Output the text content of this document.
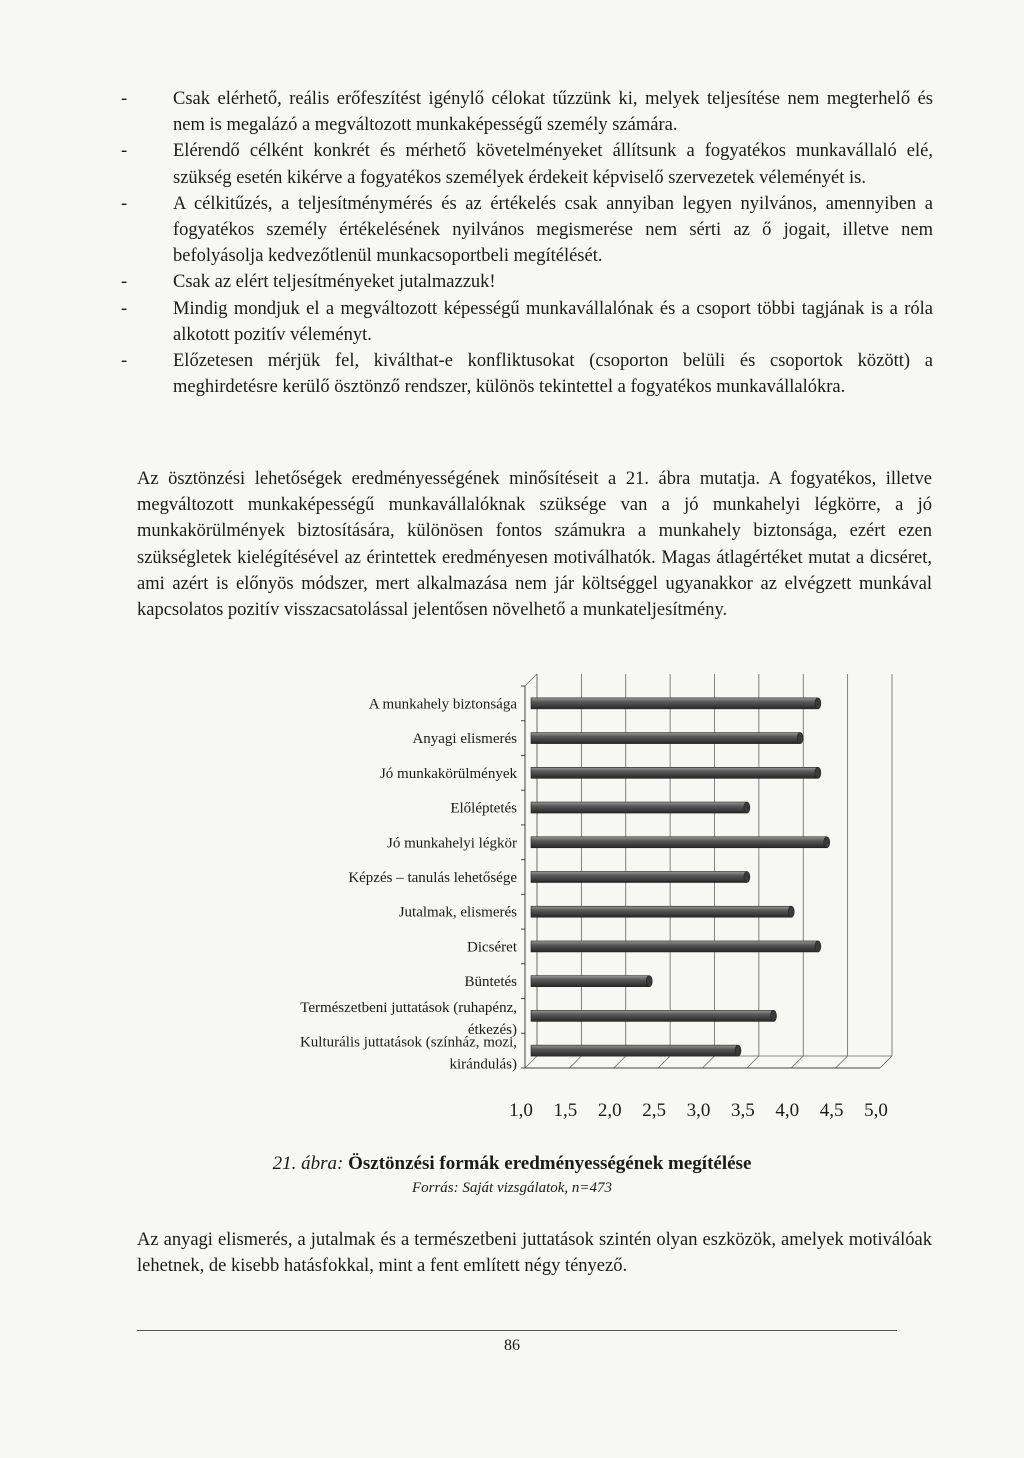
-	Csak elérhető, reális erőfeszítést igénylő célokat tűzzünk ki, melyek teljesítése nem megterhelő és nem is megalázó a megváltozott munkaképességű személy számára.
-	Elérendő célként konkrét és mérhető követelményeket állítsunk a fogyatékos munkavállaló elé, szükség esetén kikérve a fogyatékos személyek érdekeit képviselő szervezetek véleményét is.
-	A célkitűzés, a teljesítménymérés és az értékelés csak annyiban legyen nyilvános, amennyiben a fogyatékos személy értékelésének nyilvános megismerése nem sérti az ő jogait, illetve nem befolyásolja kedvezőtlenül munkacsoportbeli megítélését.
-	Csak az elért teljesítményeket jutalmazzuk!
-	Mindig mondjuk el a megváltozott képességű munkavállalónak és a csoport többi tagjának is a róla alkotott pozitív véleményt.
-	Előzetesen mérjük fel, kiválthat-e konfliktusokat (csoporton belüli és csoportok között) a meghirdetésre kerülő ösztönző rendszer, különös tekintettel a fogyatékos munkavállalókra.
Az ösztönzési lehetőségek eredményességének minősítéseit a 21. ábra mutatja. A fogyatékos, illetve megváltozott munkaképességű munkavállalóknak szüksége van a jó munkahelyi légkörre, a jó munkakörülmények biztosítására, különösen fontos számukra a munkahely biztonsága, ezért ezen szükségletek kielégítésével az érintettek eredményesen motiválhatók. Magas átlagértéket mutat a dicséret, ami azért is előnyös módszer, mert alkalmazása nem jár költséggel ugyanakkor az elvégzett munkával kapcsolatos pozitív visszacsatolással jelentősen növelhető a munkateljesítmény.
A munkahely biztonsága
Anyagi elismerés
Jó munkakörülmények
Előléptetés
Jó munkahelyi légkör
Képzés – tanulás lehetősége
Jutalmak, elismerés
Dicséret
Büntetés
Természetbeni juttatások (ruhapénz, étkezés)
Kulturális juttatások (színház, mozi, kirándulás)
1,0 1,5 2,0 2,5 3,0 3,5 4,0 4,5 5,0
21. ábra: Ösztönzési formák eredményességének megítélése
Forrás: Saját vizsgálatok, n=473
Az anyagi elismerés, a jutalmak és a természetbeni juttatások szintén olyan eszközök, amelyek motiválóak lehetnek, de kisebb hatásfokkal, mint a fent említett négy tényező.
86
